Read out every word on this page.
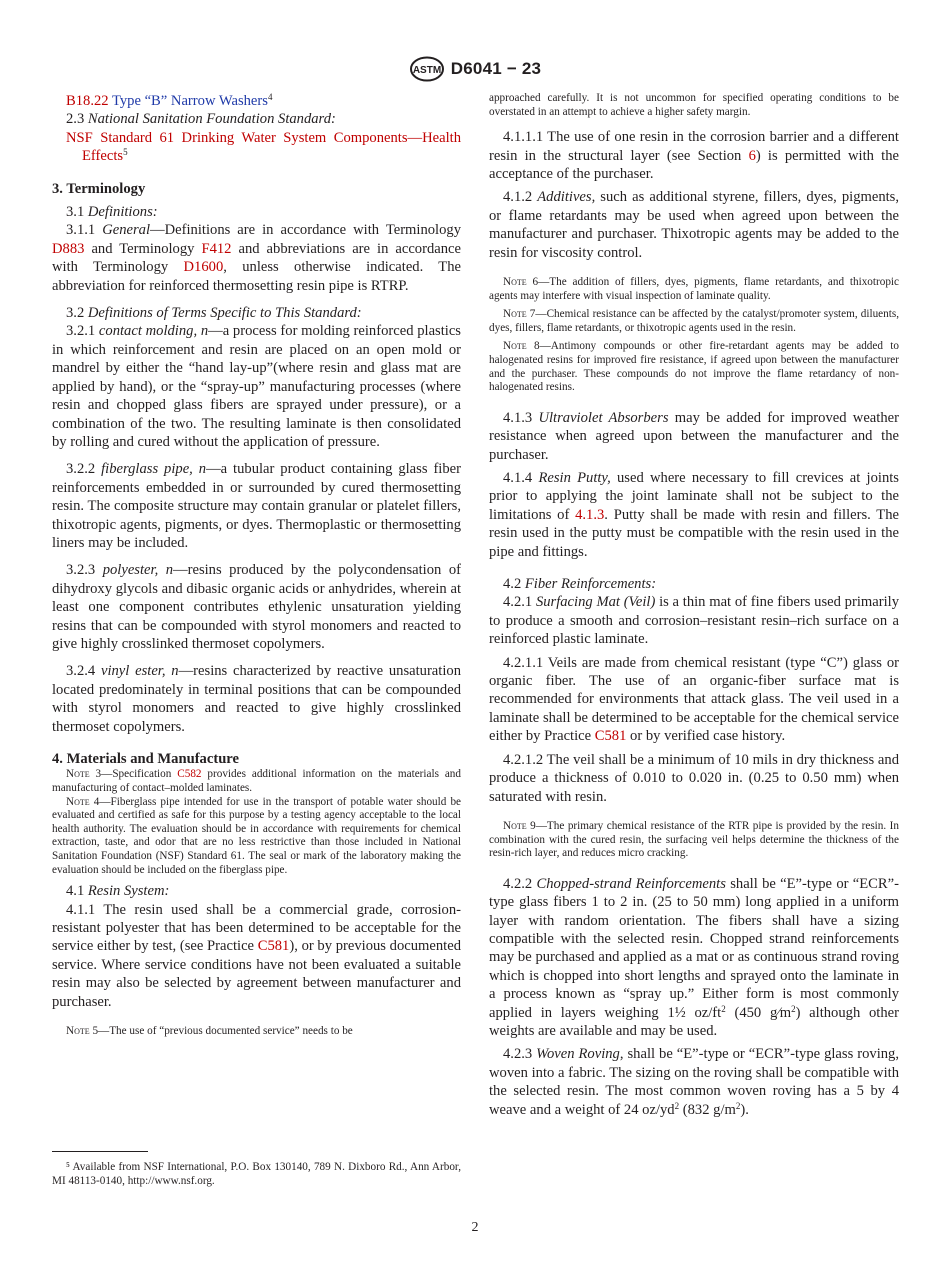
ASTM D6041 − 23

B18.22 Type “B” Narrow Washers$^4$

2.3 National Sanitation Foundation Standard:

NSF Standard 61 Drinking Water System Components—Health Effects$^5$

3. Terminology

3.1 Definitions:

3.1.1 General—Definitions are in accordance with Terminology D883 and Terminology F412 and abbreviations are in accordance with Terminology D1600, unless otherwise indicated. The abbreviation for reinforced thermosetting resin pipe is RTRP.

3.2 Definitions of Terms Specific to This Standard:

3.2.1 contact molding, n—a process for molding reinforced plastics in which reinforcement and resin are placed on an open mold or mandrel by either the “hand lay-up”(where resin and glass mat are applied by hand), or the “spray-up” manufacturing processes (where resin and chopped glass fibers are sprayed under pressure), or a combination of the two. The resulting laminate is then consolidated by rolling and cured without the application of pressure.

3.2.2 fiberglass pipe, n—a tubular product containing glass fiber reinforcements embedded in or surrounded by cured thermosetting resin. The composite structure may contain granular or platelet fillers, thixotropic agents, pigments, or dyes. Thermoplastic or thermosetting liners may be included.

3.2.3 polyester, n—resins produced by the polycondensation of dihydroxy glycols and dibasic organic acids or anhydrides, wherein at least one component contributes ethylenic unsaturation yielding resins that can be compounded with styrol monomers and reacted to give highly crosslinked thermoset copolymers.

3.2.4 vinyl ester, n—resins characterized by reactive unsaturation located predominately in terminal positions that can be compounded with styrol monomers and reacted to give highly crosslinked thermoset copolymers.

4. Materials and Manufacture

Note 3—Specification C582 provides additional information on the materials and manufacturing of contact–molded laminates.

Note 4—Fiberglass pipe intended for use in the transport of potable water should be evaluated and certified as safe for this purpose by a testing agency acceptable to the local health authority. The evaluation should be in accordance with requirements for chemical extraction, taste, and odor that are no less restrictive than those included in National Sanitation Foundation (NSF) Standard 61. The seal or mark of the laboratory making the evaluation should be included on the fiberglass pipe.

4.1 Resin System:

4.1.1 The resin used shall be a commercial grade, corrosion-resistant polyester that has been determined to be acceptable for the service either by test, (see Practice C581), or by previous documented service. Where service conditions have not been evaluated a suitable resin may also be selected by agreement between manufacturer and purchaser.

Note 5—The use of “previous documented service” needs to be

⁵ Available from NSF International, P.O. Box 130140, 789 N. Dixboro Rd., Ann Arbor, MI 48113-0140, http://www.nsf.org.

approached carefully. It is not uncommon for specified operating conditions to be overstated in an attempt to achieve a higher safety margin.

4.1.1.1 The use of one resin in the corrosion barrier and a different resin in the structural layer (see Section 6) is permitted with the acceptance of the purchaser.

4.1.2 Additives, such as additional styrene, fillers, dyes, pigments, or flame retardants may be used when agreed upon between the manufacturer and purchaser. Thixotropic agents may be added to the resin for viscosity control.

Note 6—The addition of fillers, dyes, pigments, flame retardants, and thixotropic agents may interfere with visual inspection of laminate quality.

Note 7—Chemical resistance can be affected by the catalyst/promoter system, diluents, dyes, fillers, flame retardants, or thixotropic agents used in the resin.

Note 8—Antimony compounds or other fire-retardant agents may be added to halogenated resins for improved fire resistance, if agreed upon between the manufacturer and the purchaser. These compounds do not improve the flame retardancy of non-halogenated resins.

4.1.3 Ultraviolet Absorbers may be added for improved weather resistance when agreed upon between the manufacturer and the purchaser.

4.1.4 Resin Putty, used where necessary to fill crevices at joints prior to applying the joint laminate shall not be subject to the limitations of 4.1.3. Putty shall be made with resin and fillers. The resin used in the putty must be compatible with the resin used in the pipe and fittings.

4.2 Fiber Reinforcements:

4.2.1 Surfacing Mat (Veil) is a thin mat of fine fibers used primarily to produce a smooth and corrosion–resistant resin–rich surface on a reinforced plastic laminate.

4.2.1.1 Veils are made from chemical resistant (type “C”) glass or organic fiber. The use of an organic-fiber surface mat is recommended for environments that attack glass. The veil used in a laminate shall be determined to be acceptable for the chemical service either by Practice C581 or by verified case history.

4.2.1.2 The veil shall be a minimum of 10 mils in dry thickness and produce a thickness of 0.010 to 0.020 in. (0.25 to 0.50 mm) when saturated with resin.

Note 9—The primary chemical resistance of the RTR pipe is provided by the resin. In combination with the cured resin, the surfacing veil helps determine the thickness of the resin-rich layer, and reduces micro cracking.

4.2.2 Chopped-strand Reinforcements shall be “E”-type or “ECR”-type glass fibers 1 to 2 in. (25 to 50 mm) long applied in a uniform layer with random orientation. The fibers shall have a sizing compatible with the selected resin. Chopped strand reinforcements may be purchased and applied as a mat or as continuous strand roving which is chopped into short lengths and sprayed onto the laminate in a process known as “spray up.” Either form is most commonly applied in layers weighing 1½ $oz/ft^2$ (450 $g⁄m^2$) although other weights are available and may be used.

4.2.3 Woven Roving, shall be “E”-type or “ECR”-type glass roving, woven into a fabric. The sizing on the roving shall be compatible with the selected resin. The most common woven roving has a 5 by 4 weave and a weight of 24 $oz/yd^2$ (832 $g/m^2$).

2
